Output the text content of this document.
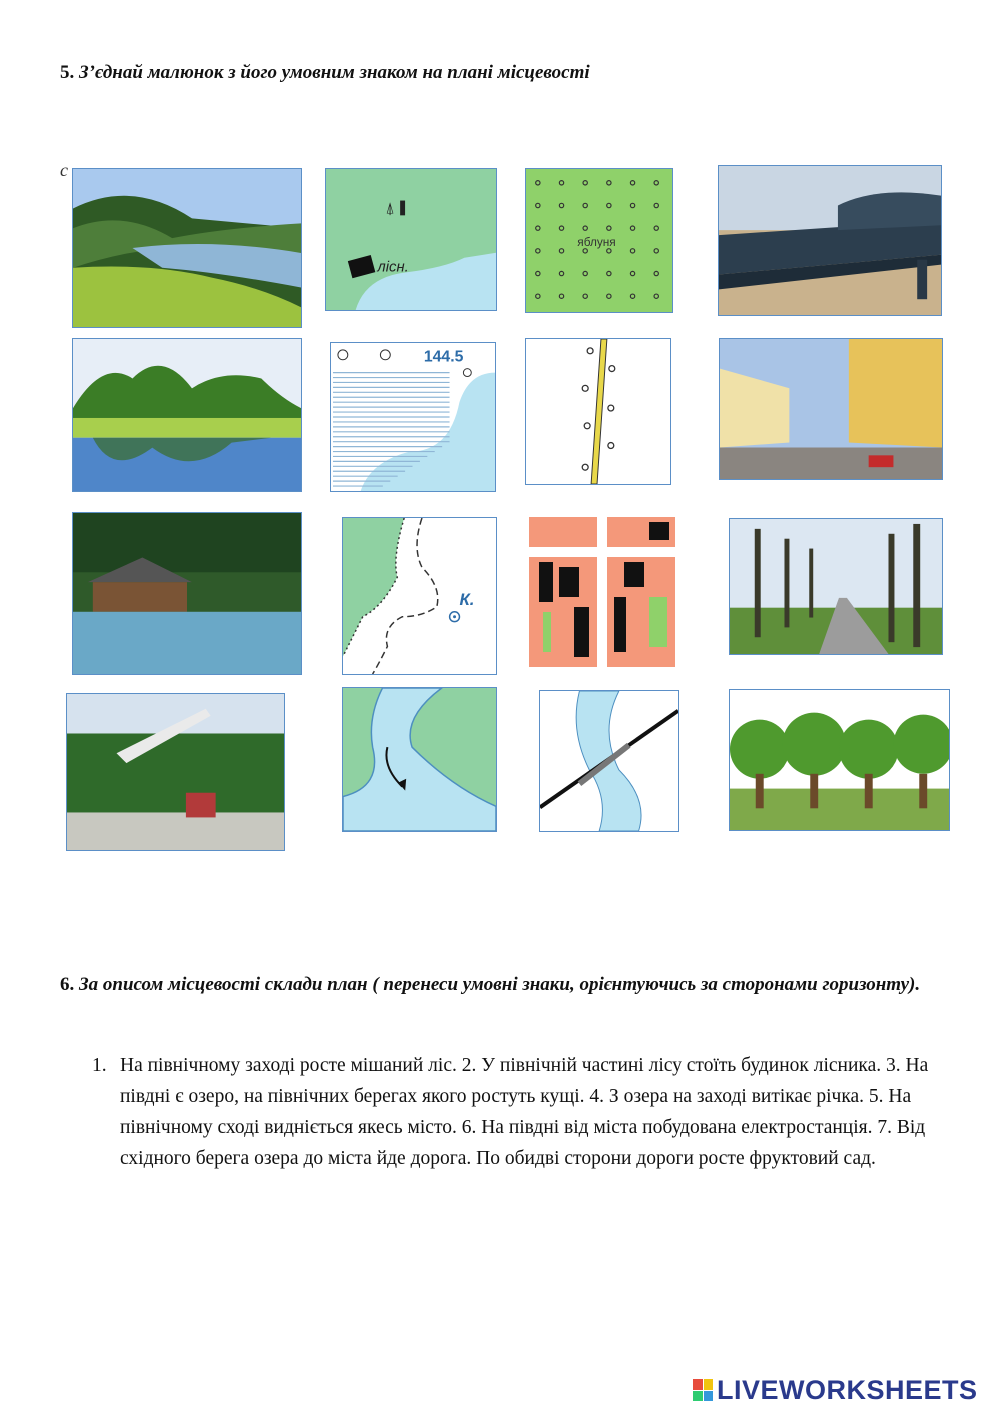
5. З’єднай малюнок з його умовним знаком на плані місцевості
с
⍋
лісн.
яблуня
144.5
К.
6. За описом місцевості склади план ( перенеси умовні знаки, орієнтуючись за сторонами горизонту).
1. На північному заході росте мішаний ліс. 2. У північній частині лісу стоїть будинок лісника. 3. На півдні є озеро, на північних берегах якого ростуть кущі. 4. З озера на заході витікає річка. 5. На північному сході видніється якесь місто. 6. На півдні від міста побудована електростанція. 7. Від східного берега озера до міста йде дорога. По обидві сторони дороги росте фруктовий сад.
LIVEWORKSHEETS
